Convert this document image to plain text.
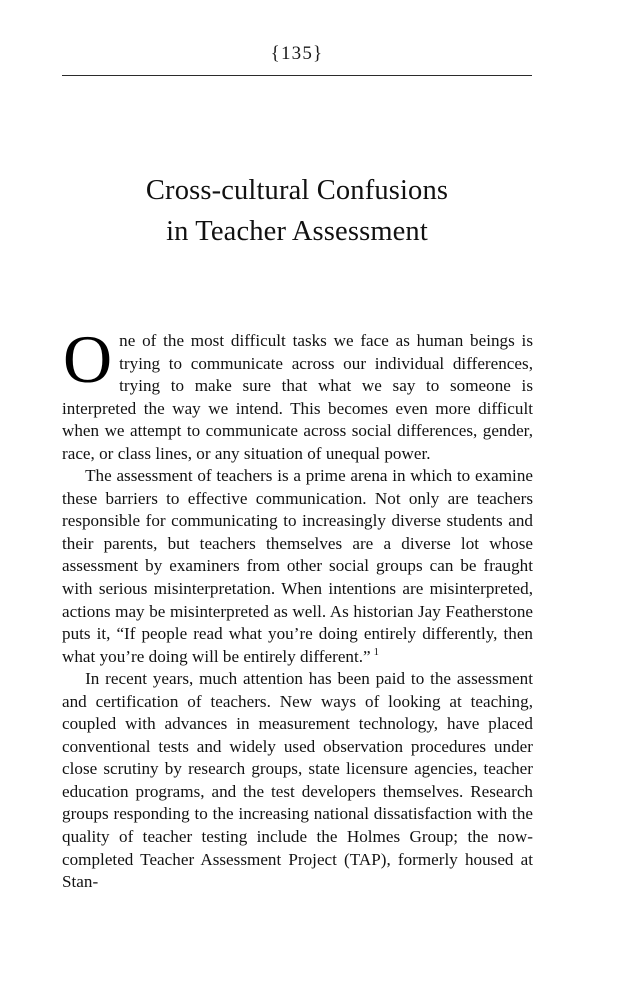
{135}
Cross-cultural Confusions
in Teacher Assessment

One of the most difficult tasks we face as human beings is trying to communicate across our individual differences, trying to make sure that what we say to someone is interpreted the way we intend. This becomes even more difficult when we attempt to communicate across social differences, gender, race, or class lines, or any situation of unequal power.

The assessment of teachers is a prime arena in which to examine these barriers to effective communication. Not only are teachers responsible for communicating to increasingly diverse students and their parents, but teachers themselves are a diverse lot whose assessment by examiners from other social groups can be fraught with serious misinterpretation. When intentions are misinterpreted, actions may be misinterpreted as well. As historian Jay Featherstone puts it, “If people read what you’re doing entirely differently, then what you’re doing will be entirely different.” $^1$

In recent years, much attention has been paid to the assessment and certification of teachers. New ways of looking at teaching, coupled with advances in measurement technology, have placed conventional tests and widely used observation procedures under close scrutiny by research groups, state licensure agencies, teacher education programs, and the test developers themselves. Research groups responding to the increasing national dissatisfaction with the quality of teacher testing include the Holmes Group; the now-completed Teacher Assessment Project (TAP), formerly housed at Stan-
